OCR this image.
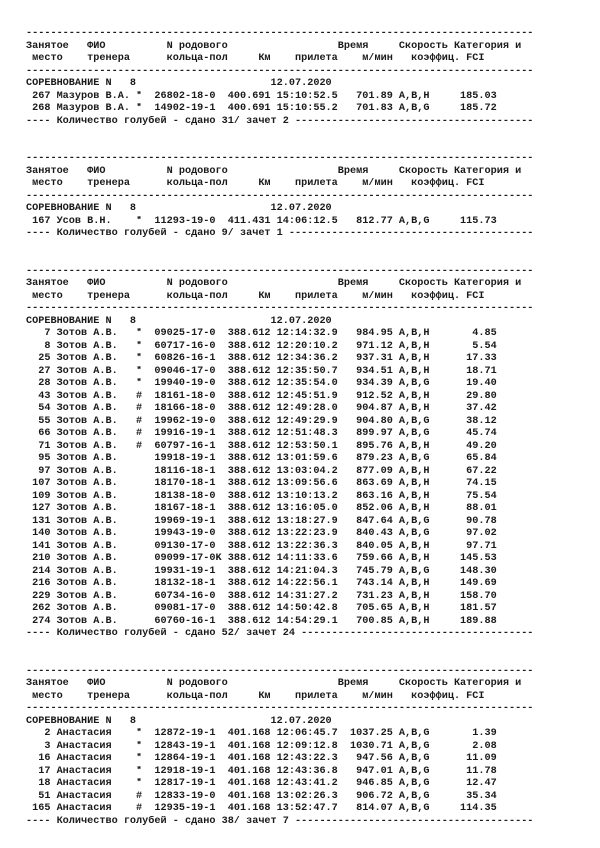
-----------------------------------------------------------------------------------
Занятое   ФИО          N родового                  Время     Скорость Категория и
место    тренера      кольца-пол     Км    прилета    м/мин   коэффиц. FCI
-----------------------------------------------------------------------------------
СОРЕВНОВАНИЕ N   8                      12.07.2020
267 Мазуров В.А. *  26802-18-0  400.691 15:10:52.5   701.89 A,B,H     185.03
268 Мазуров В.А. *  14902-19-1  400.691 15:10:55.2   701.83 A,B,G     185.72
---- Количество голубей - сдано 31/ зачет 2 ---------------------------------------
-----------------------------------------------------------------------------------
Занятое   ФИО          N родового                  Время     Скорость Категория и
место    тренера      кольца-пол     Км    прилета    м/мин   коэффиц. FCI
-----------------------------------------------------------------------------------
СОРЕВНОВАНИЕ N   8                      12.07.2020
167 Усов В.Н.    *  11293-19-0  411.431 14:06:12.5   812.77 A,B,G     115.73
---- Количество голубей - сдано 9/ зачет 1 ----------------------------------------
-----------------------------------------------------------------------------------
Занятое   ФИО          N родового                  Время     Скорость Категория и
место    тренера      кольца-пол     Км    прилета    м/мин   коэффиц. FCI
-----------------------------------------------------------------------------------
СОРЕВНОВАНИЕ N   8                      12.07.2020
7 Зотов А.В.   *  09025-17-0  388.612 12:14:32.9   984.95 A,B,H       4.85
8 Зотов А.В.   *  60717-16-0  388.612 12:20:10.2   971.12 A,B,H       5.54
25 Зотов А.В.   *  60826-16-1  388.612 12:34:36.2   937.31 A,B,H      17.33
27 Зотов А.В.   *  09046-17-0  388.612 12:35:50.7   934.51 A,B,H      18.71
28 Зотов А.В.   *  19940-19-0  388.612 12:35:54.0   934.39 A,B,G      19.40
43 Зотов А.В.   #  18161-18-0  388.612 12:45:51.9   912.52 A,B,H      29.80
54 Зотов А.В.   #  18166-18-0  388.612 12:49:28.0   904.87 A,B,H      37.42
55 Зотов А.В.   #  19962-19-0  388.612 12:49:29.9   904.80 A,B,G      38.12
66 Зотов А.В.   #  19916-19-1  388.612 12:51:48.3   899.97 A,B,G      45.74
71 Зотов А.В.   #  60797-16-1  388.612 12:53:50.1   895.76 A,B,H      49.20
95 Зотов А.В.      19918-19-1  388.612 13:01:59.6   879.23 A,B,G      65.84
97 Зотов А.В.      18116-18-1  388.612 13:03:04.2   877.09 A,B,H      67.22
107 Зотов А.В.      18170-18-1  388.612 13:09:56.6   863.69 A,B,H      74.15
109 Зотов А.В.      18138-18-0  388.612 13:10:13.2   863.16 A,B,H      75.54
127 Зотов А.В.      18167-18-1  388.612 13:16:05.0   852.06 A,B,H      88.01
131 Зотов А.В.      19969-19-1  388.612 13:18:27.9   847.64 A,B,G      90.78
140 Зотов А.В.      19943-19-0  388.612 13:22:23.9   840.43 A,B,G      97.02
141 Зотов А.В.      09130-17-0  388.612 13:22:36.3   840.05 A,B,H      97.71
210 Зотов А.В.      09099-17-0K 388.612 14:11:33.6   759.66 A,B,H     145.53
214 Зотов А.В.      19931-19-1  388.612 14:21:04.3   745.79 A,B,G     148.30
216 Зотов А.В.      18132-18-1  388.612 14:22:56.1   743.14 A,B,H     149.69
229 Зотов А.В.      60734-16-0  388.612 14:31:27.2   731.23 A,B,H     158.70
262 Зотов А.В.      09081-17-0  388.612 14:50:42.8   705.65 A,B,H     181.57
274 Зотов А.В.      60760-16-1  388.612 14:54:29.1   700.85 A,B,H     189.88
---- Количество голубей - сдано 52/ зачет 24 --------------------------------------
-----------------------------------------------------------------------------------
Занятое   ФИО          N родового                  Время     Скорость Категория и
место    тренера      кольца-пол     Км    прилета    м/мин   коэффиц. FCI
-----------------------------------------------------------------------------------
СОРЕВНОВАНИЕ N   8                      12.07.2020
2 Анастасия    *  12872-19-1  401.168 12:06:45.7  1037.25 A,B,G       1.39
3 Анастасия    *  12843-19-1  401.168 12:09:12.8  1030.71 A,B,G       2.08
16 Анастасия    *  12864-19-1  401.168 12:43:22.3   947.56 A,B,G      11.09
17 Анастасия    *  12918-19-1  401.168 12:43:36.8   947.01 A,B,G      11.78
18 Анастасия    *  12817-19-1  401.168 12:43:41.2   946.85 A,B,G      12.47
51 Анастасия    #  12833-19-0  401.168 13:02:26.3   906.72 A,B,G      35.34
165 Анастасия    #  12935-19-1  401.168 13:52:47.7   814.07 A,B,G     114.35
---- Количество голубей - сдано 38/ зачет 7 ---------------------------------------
